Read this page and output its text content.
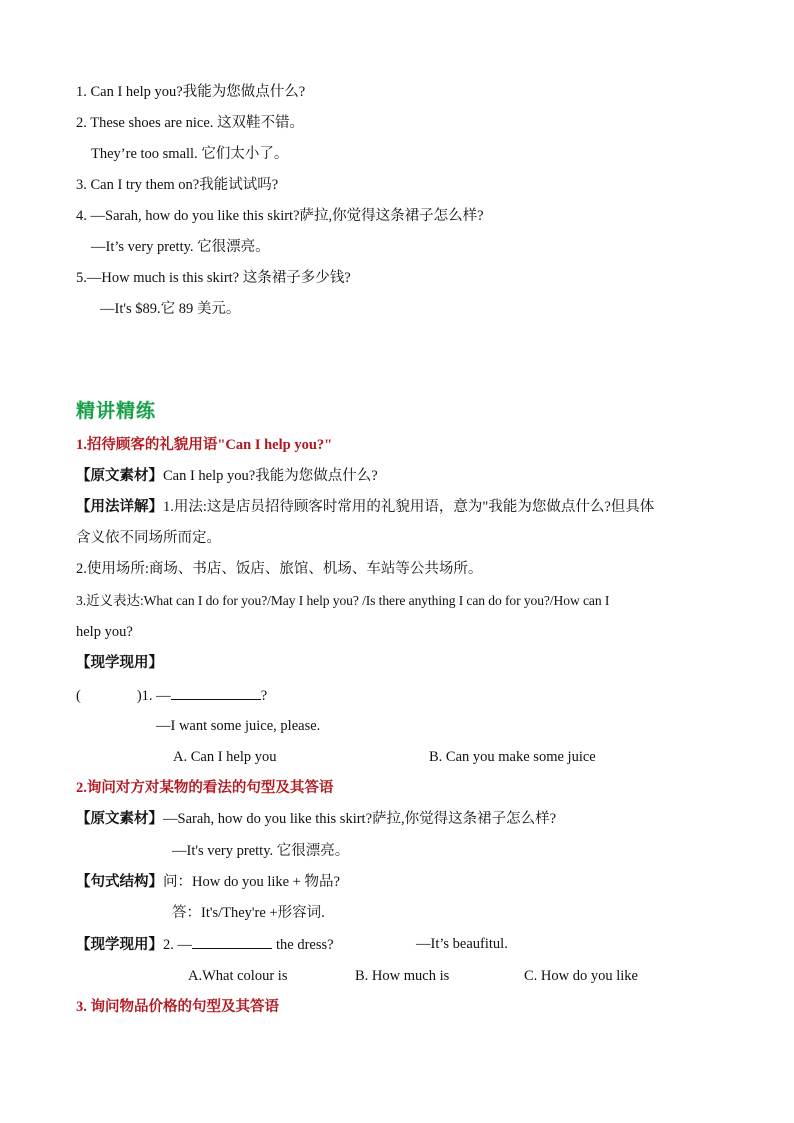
1. Can I help you?我能为您做点什么?
2. These shoes are nice. 这双鞋不错。
They’re too small. 它们太小了。
3. Can I try them on?我能试试吗?
4. —Sarah, how do you like this skirt?萨拉,你觉得这条裙子怎么样?
—It’s very pretty. 它很漂亮。
5.—How much is this skirt? 这条裙子多少钱?
—It's $89.它 89 美元。
精讲精练
1.招待顾客的礼貌用语"Can I help you?"
【原文素材】Can I help you?我能为您做点什么?
【用法详解】1.用法:这是店员招待顾客时常用的礼貌用语，意为"我能为您做点什么?但具体
含义依不同场所而定。
2.使用场所:商场、书店、饭店、旅馆、机场、车站等公共场所。
3.近义表达:What can I do for you?/May I help you? /Is there anything I can do for you?/How can I
help you?
【现学现用】
(	)1. —	?
—I want some juice, please.
A. Can I help you	B. Can you make some juice
2.询问对方对某物的看法的句型及其答语
【原文素材】—Sarah, how do you like this skirt?萨拉,你觉得这条裙子怎么样?
—It's very pretty. 它很漂亮。
【句式结构】问：How do you like + 物品?
答：It's/They're +形容词.
【现学现用】2. —	the dress?	—It’s beaufitul.
A.What colour is	B. How much is	C. How do you like
3. 询问物品价格的句型及其答语
